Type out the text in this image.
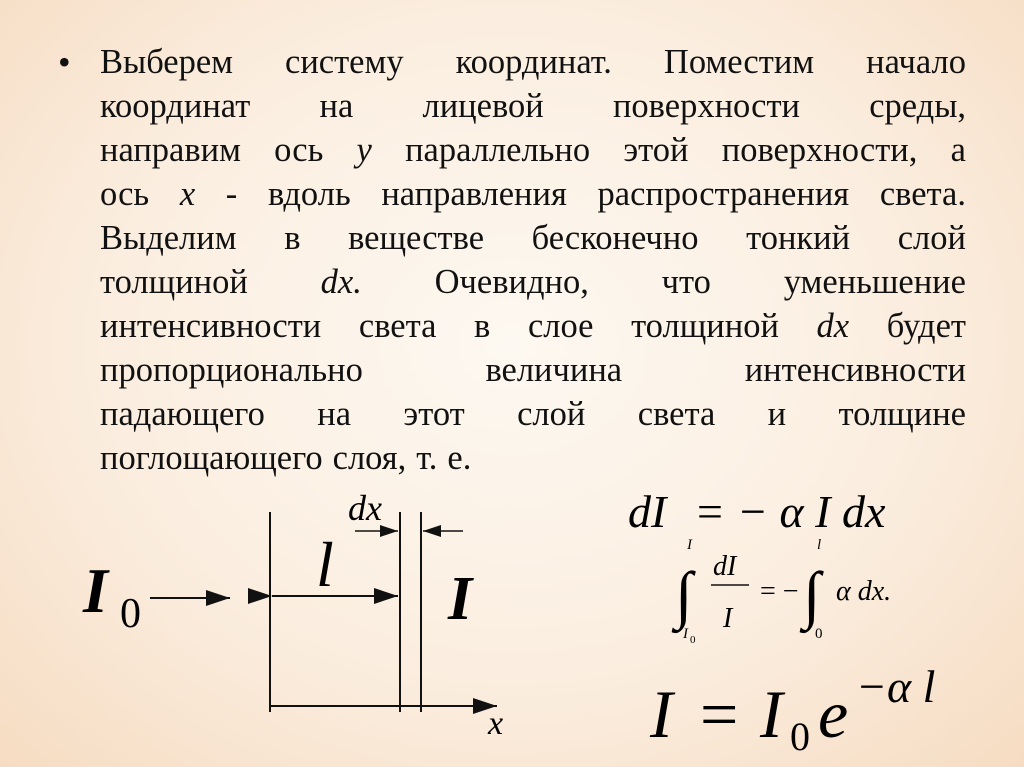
• Выберем системy координат. Поместим начало
координат на лицевой поверхности среды,
направим ось y параллельно этой поверхности, а
ось x - вдоль направления распространения света.
Выделим в веществе бесконечно тонкий слой
толщиной dx. Очевидно, что уменьшение
интенсивности света в слое толщиной dx будет
пропорционально	величина	интенсивности
падающего на этот слой света и толщине
поглощающего слоя, т. е.
I 0
x
l
dx
I
dI = − α I dx
I
∫
I 0
dI
I
= −
l
∫
0
α dx.
I = I 0 e −α l
